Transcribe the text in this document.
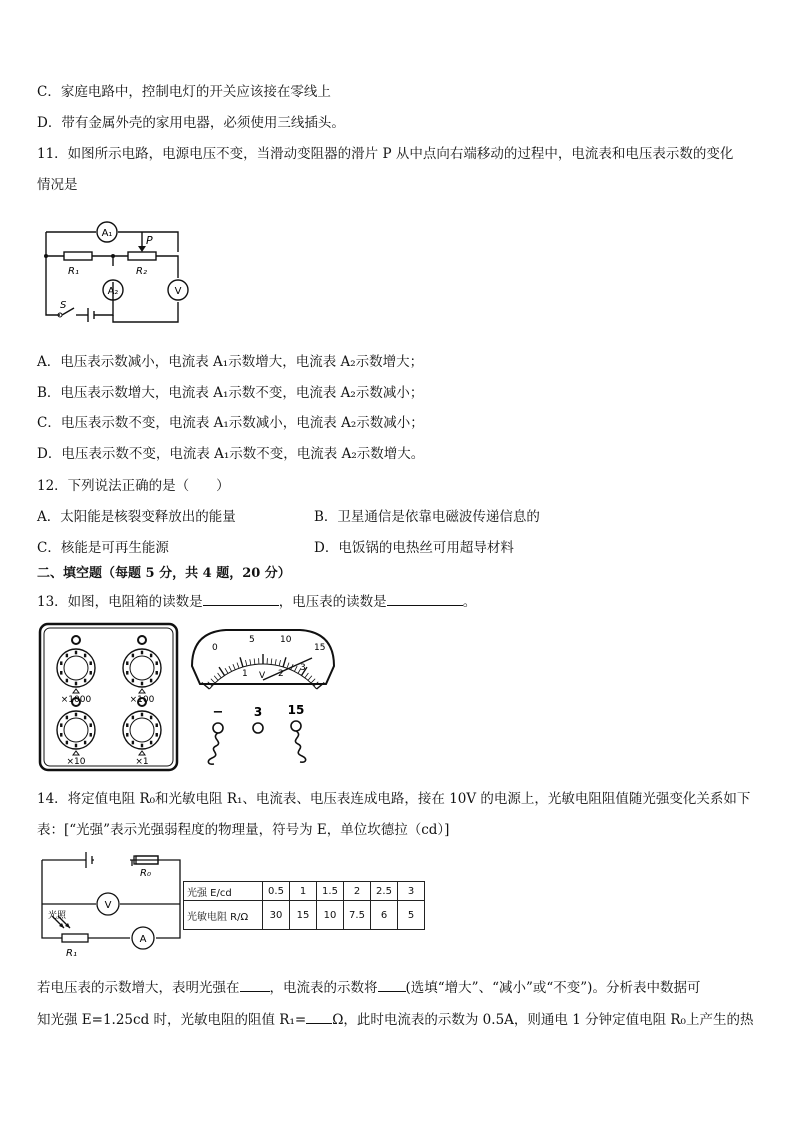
C．家庭电路中，控制电灯的开关应该接在零线上
D．带有金属外壳的家用电器，必须使用三线插头。
11．如图所示电路，电源电压不变，当滑动变阻器的滑片 P 从中点向右端移动的过程中，电流表和电压表示数的变化
情况是
A₁
A₂	V
P
R₁	R₂
S
A．电压表示数减小，电流表 A₁示数增大，电流表 A₂示数增大；
B．电压表示数增大，电流表 A₁示数不变，电流表 A₂示数减小；
C．电压表示数不变，电流表 A₁示数减小，电流表 A₂示数减小；
D．电压表示数不变，电流表 A₁示数不变，电流表 A₂示数增大。
12．下列说法正确的是（　　）
A．太阳能是核裂变释放出的能量	B．卫星通信是依靠电磁波传递信息的
C．核能是可再生能源	D．电饭锅的电热丝可用超导材料
二、填空题（每题 5 分，共 4 题，20 分）
13．如图，电阻箱的读数是	，电压表的读数是	。
×1000	×100
×10	×1
0
5	10
15
1 V 2
3
−	3 15
14．将定值电阻 R₀和光敏电阻 R₁、电流表、电压表连成电路，接在 10V 的电源上，光敏电阻阻值随光强变化关系如下
表：[“光强”表示光强弱程度的物理量，符号为 E，单位坎德拉（cd）]
R₀
V
A
光照
R₁
光强 E/cd	0.5	1	1.5	2	2.5	3
光敏电阻 R/Ω	30	15	10	7.5	6	5
若电压表的示数增大，表明光强在 ，电流表的示数将 (选填“增大”、“减小”或“不变”)。分析表中数据可
知光强 E=1.25cd 时，光敏电阻的阻值 R₁= Ω，此时电流表的示数为 0.5A，则通电 1 分钟定值电阻 R₀上产生的热
